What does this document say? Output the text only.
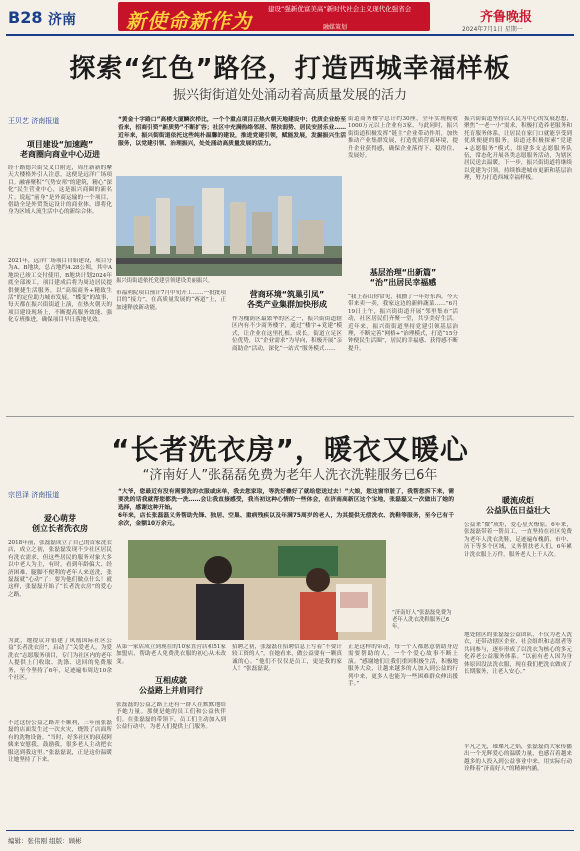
B28 济南	新使命新作为 建设“强新优富美高”新时代社会主义现代化强省会
融媒策划
齐鲁晚报
2024年7月1日 星期一
探索“红色”路径，打造西城幸福样板
振兴街街道处处涌动着高质量发展的活力
王贝艺 济南报道	“黄金十字路口”高楼大厦鳞次栉比，一个个重点项目正热火朝天地建设中；优质企业纷至沓来，招商引资“新质势”不断扩容；社区中充满热络邻居、帮扶弱势、居民安居乐业……近年来，振兴街街道依托这些纯朴温馨的建设，推进党建引领，赋能发展，发掘振兴生活服务，以党建引领、治理振兴，处处涌动高质量发展的活力。
项目建设“加速跑”
老商圈向商业中心迈进
经十路德兴街交叉口附近，周庄新新的摩天大楼格外引人注意，这便是远洋广场项目。融睿聚积“气势安邦”的建筑，精心“深化”民生营业中心，这是振兴商圈的新名片。说起“前身”是外商运输的一个项目，借助全是外贸货运设计的商业体，即将化身为区域人流生活中心的新综合体。
2021年，远洋广场项目自始建设，项目分为A、B地块，总占地约4.28公顷，其中A地块已竣工交付使用，B地块计划2024年底全部竣工，项目建成后将为周边居民提供便捷生活服务，以“高端商务+精致生活”的定位助力城市发展。“蝶变”的故事，每天都在振兴街街道上演，在热火朝天的项目建设现场上，不断提高服务效能、强化专班推进，确保项目早日落地见效。
振兴街街道依托党建引领建设美丽振兴。
市福利院项目预计7月中旬开工……一批批项目的“接力”，在高质量发展的“赛道”上，正加速释放新动能。
营商环境“筑巢引凤”
各类产业集群加快形成
作为槐荫区最繁华的区之一，振兴街街道辖区内有不少商务楼宇，通过“楼宇+党建”模式，让企业在这里扎根、成长。街道立足区位优势，以“企业需求”为导向，积极开展“亲商助企”活动，深化“一站式”服务模式……
街道商务楼宇总计约30座，全年实现税收1000万元以上企业有3家，与此同时，振兴街街道积极发挥“链主”企业带动作用，加快推动产业集群发展，打造优质营商环境，提升企业获得感，确保企业落得下、稳得住、发展好。
基层治理“出新篇”
“治”出居民幸福感
“我上春山你常见，我攒了一年好东西。今天带来卖一卖，我家这边的新鲜蔬菜……”6月19日上午，振兴街街道开展“邻里集市”活动，社区居民们齐聚一堂，共享美好生活。近年来，振兴街街道坚持党建引领基层治理，不断完善“网格+”治理模式，打造“15分钟便民生活圈”，居民的幸福感、获得感不断提升。
振兴街街道坚持以人民为中心的发展思想，聚焦“一老一小”需求，积极打造养老服务和托育服务体系，让居民在家门口就能享受到优质便捷的服务。街道还积极探索“党建+志愿服务”模式，组建多支志愿服务队伍，常态化开展各类志愿服务活动，为辖区居民送去温暖。下一步，振兴街街道将继续以党建为引领，持续推进城市更新和基层治理，努力打造西城幸福样板。
“长者洗衣房”，暖衣又暖心
“济南好人”张磊磊免费为老年人洗衣洗鞋服务已6年
宗邑泽 济南报道	“大爷，您最近有没有需要洗的衣服或床单，我去您家取，等洗好叠好了就给您送过去！”大娘，您这窗帘脏了，我帮您拆下来，需要洗的话我就帮您都洗一洗……会让我直接感受，我当初这种心情的一些体会，在济南高新区这个宝地，张磊磊又一次做出了她的选择，感谢这种开始。
6年来，店长张磊磊义务帮助先锋、独居、空巢、重病残疾以及年满75周岁的老人，为其提供无偿洗衣、洗鞋等服务，至今已有千余次，金额10万余元。
爱心萌芽
创立长者洗衣房
2018年前，张磊磊成立了自己的首家洗衣店，成立之初，张磊磊发现不少社区居民有洗衣需求，但这些居民的服务对象大多以中老人为主，有时，看到年龄偏大、经济困难、腿脚不便利的老年人来送洗，张磊磊就“心动”了：要为他们做点什么！就这样，张磊磊开始了“长者洗衣房”的爱心之路。
为此，她提议并倡建了凤凰国际社区公益“长者洗衣房”，启动了“关爱老人，为爱洗衣”志愿服务项目，专门为社区内的老年人提供上门收取、洗涤、送回的免费服务，至今坚持了6年，足迹遍布周边10余个社区。
不过这份公益之路并不顺利，三年前张磊磊的店面发生过一次火灾，烧毁了店面所有的洗物设备。“当时，好多社区的叔叔阿姨来安慰我，鼓励我，很多老人主动把衣服送到我这里。”张磊磊说，正是这份温暖让她坚持了下来。
“济南好人”张磊磊免费为老年人洗衣洗鞋服务已6年。
从第一家店成立到现在的10家直营店和51家加盟店，帮助老人免费洗衣服的初心从未改变。
互相成就
公益路上并肩同行
张磊磊的公益之路上还有一群人在默默地给予她力量。那便是她的员工们和公益伙伴们。在张磊磊的带领下，员工们主动加入到公益行动中，为老人们提供上门服务。
招聘之初，张磊磊在招聘信息上写着“不要计较工资的人”，在她看来，做公益要有一颗真诚的心。“他们不仅仅是员工，更是我的家人！”张磊磊说。
正是这样的带动，每一个人都愿意帮助身边需要帮助的人，一个个爱心故事不断上演。“感谢她们让我们重回积极生活，积极地服务大众，让越来越多的人加入到公益的行列中来，更多人也能为一些困难群众伸出援手。”
暖流成炬
公益队伍日益壮大
公益来“微”成炬，爱心星火燎原。6年来，张磊磊带着一帮员工，一直坚持在社区免费为老年人洗衣洗鞋，足迹遍布槐荫、市中、历下等多个区域，义务帮扶老人们，6年累计洗衣服上万件，服务老人上千人次。
地处辖区的张磊磊公益团队，不仅为老人洗衣，还带动辖区企业、社会组织和志愿者等共同参与，逐步形成了以洗衣为核心的多元化养老公益服务体系。“以前有老人因为身体原因没法洗衣服，现在我们把洗衣做成了长期服务，让老人安心。”
平凡之光，璀璨凡之焰，张磊磊尚大家传播出一个光辉爱心的温暖力量，也感召着越来越多的人投入到公益事业中来，用实际行动诠释着“济南好人”的精神内涵。
编辑：张伟刚 组版：顾彬
